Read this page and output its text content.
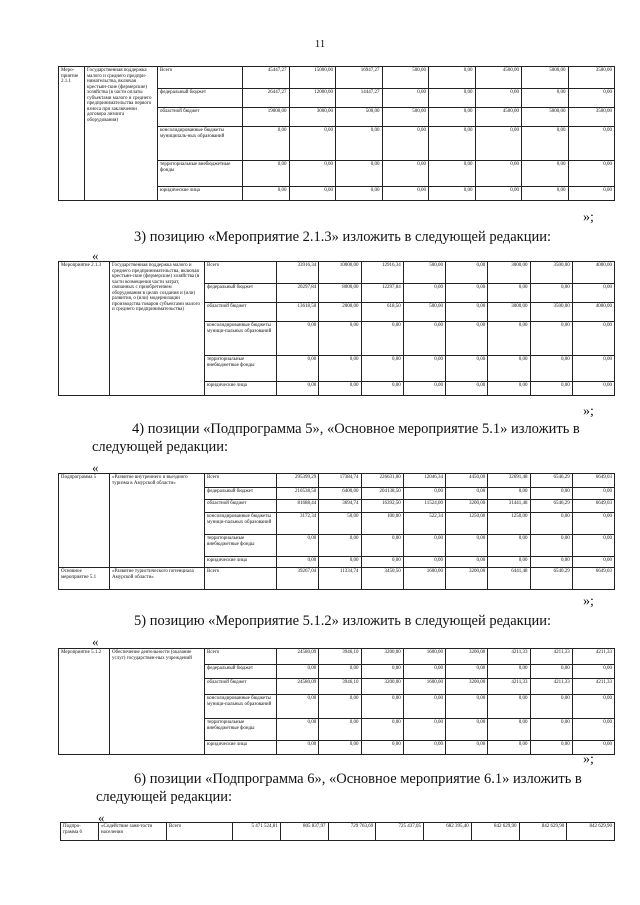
11
Меро-приятие 2.1.1	Государственная поддержка малого и среднего предпри-нимательства, включая крестьян-ские (фермерские) хозяйства (в части оплаты субъектами малого и среднего предпринимательства первого взноса при заключении договора лизинга оборудования)	Всего	45447,27	15000,00	16947,27	500,00	0,00	4500,00	5000,00	3500,00
		федеральный бюджет	26447,27	12000,00	14447,27	0,00	0,00	0,00	0,00	0,00
		областной бюджет	19000,00	3000,00	500,00	500,00	0,00	4500,00	5000,00	3500,00
		консолидированные бюджеты муниципаль-ных образований	0,00	0,00	0,00	0,00	0,00	0,00	0,00	0,00
		территориальные внебюджетные фонды	0,00	0,00	0,00	0,00	0,00	0,00	0,00	0,00
		юридические лица	0,00	0,00	0,00	0,00	0,00	0,00	0,00	0,00
»;
3) позицию «Мероприятие 2.1.3» изложить в следующей редакции:
«
Мероприятие 2.1.3	Государственная поддержка малого и среднего предпринимательства, включая крестьян-ские (фермерские) хозяйства (в части возмещения части затрат, связанных с приобретением оборудования в целях создания и (или) развития, о (или) модернизации производства товаров субъектами малого и среднего предпринимательства)	Всего	33916,34	10000,00	12916,34	500,00	0,00	3000,00	3500,00	4000,00
		федеральный бюджет	20297,84	8000,00	12297,84	0,00	0,00	0,00	0,00	0,00
		областной бюджет	13618,50	2000,00	618,50	500,00	0,00	3000,00	3500,00	4000,00
		консолидированные бюджеты муници-пальных образований	0,00	0,00	0,00	0,00	0,00	0,00	0,00	0,00
		территориальные внебюджетные фонды	0,00	0,00	0,00	0,00	0,00	0,00	0,00	0,00
		юридические лица	0,00	0,00	0,00	0,00	0,00	0,00	0,00	0,00
»;
4) позиции «Подпрограмма 5», «Основное мероприятие 5.1» изложить в следующей редакции:
«
Подпрограмма 5	«Развитие внутреннего и въездного туризма в Амурской области»	Всего	295399,29	17384,74	226631,00	12046,34	4450,00	32691,48	6546,29	6649,03
		федеральный бюджет	210538,50	6400,00	204138,50	0,00	0,00	0,00	0,00	0,00
		областной бюджет	81688,44	3694,74	16392,50	11524,00	3200,00	31441,48	6546,29	6649,03
		консолидированные бюджеты муници-пальных образований	3172,34	50,00	100,00	522,34	1250,00	1250,00	0,00	0,00
		территориальные внебюджетные фонды	0,00	0,00	0,00	0,00	0,00	0,00	0,00	0,00
		юридические лица	0,00	0,00	0,00	0,00	0,00	0,00	0,00	0,00
Основное мероприятие 5.1	«Развитие туристического потенциала Амурской области»	Всего	39267,04	11334,74	3450,50	1600,00	3200,00	6441,48	6540,29	6649,03
»;
5) позицию «Мероприятие 5.1.2» изложить в следующей редакции:
«
Мероприятие 5.1.2	Обеспечение деятельности (оказание услуг) государствен-ных учреждений	Всего	24580,09	3946,10	3200,00	1600,00	3200,00	4211,33	4211,33	4211,33
		федеральный бюджет	0,00	0,00	0,00	0,00	0,00	0,00	0,00	0,00
		областной бюджет	24580,09	3946,10	3200,00	1600,00	3200,00	4211,33	4211,33	4211,33
		консолидированные бюджеты муници-пальных образований	0,00	0,00	0,00	0,00	0,00	0,00	0,00	0,00
		территориальные внебюджетные фонды	0,00	0,00	0,00	0,00	0,00	0,00	0,00	0,00
		юридические лица	0,00	0,00	0,00	0,00	0,00	0,00	0,00	0,00
»;
6) позиции «Подпрограмма 6», «Основное мероприятие 6.1» изложить в следующей редакции:
«
Подпро-грамма 6	«Содействие заня-тости населения	Всего	5 471 524,81	805 837,97	729 763,69	725 437,05	682 395,40	842 629,90	842 629,90	842 629,90
